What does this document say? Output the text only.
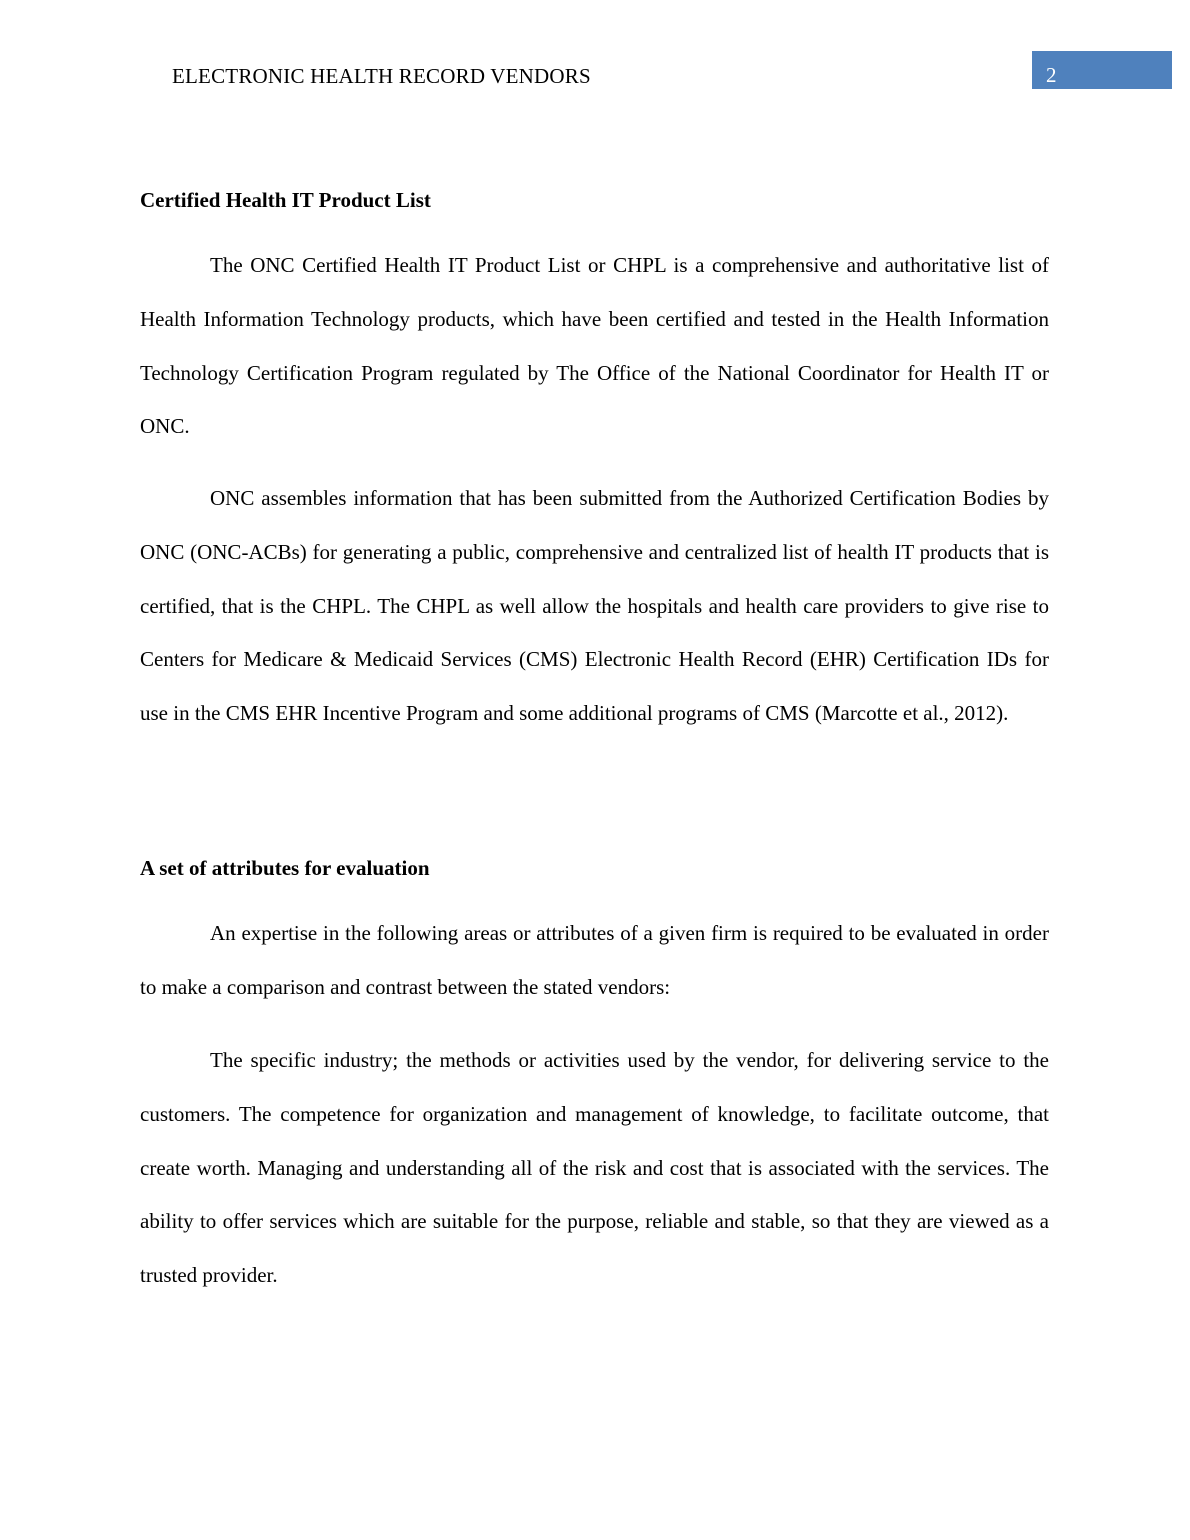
ELECTRONIC HEALTH RECORD VENDORS	2
Certified Health IT Product List

The ONC Certified Health IT Product List or CHPL is a comprehensive and authoritative list of Health Information Technology products, which have been certified and tested in the Health Information Technology Certification Program regulated by The Office of the National Coordinator for Health IT or ONC.

ONC assembles information that has been submitted from the Authorized Certification Bodies by ONC (ONC-ACBs) for generating a public, comprehensive and centralized list of health IT products that is certified, that is the CHPL. The CHPL as well allow the hospitals and health care providers to give rise to Centers for Medicare & Medicaid Services (CMS) Electronic Health Record (EHR) Certification IDs for use in the CMS EHR Incentive Program and some additional programs of CMS (Marcotte et al., 2012).

A set of attributes for evaluation

An expertise in the following areas or attributes of a given firm is required to be evaluated in order to make a comparison and contrast between the stated vendors:

The specific industry; the methods or activities used by the vendor, for delivering service to the customers. The competence for organization and management of knowledge, to facilitate outcome, that create worth. Managing and understanding all of the risk and cost that is associated with the services. The ability to offer services which are suitable for the purpose, reliable and stable, so that they are viewed as a trusted provider.
